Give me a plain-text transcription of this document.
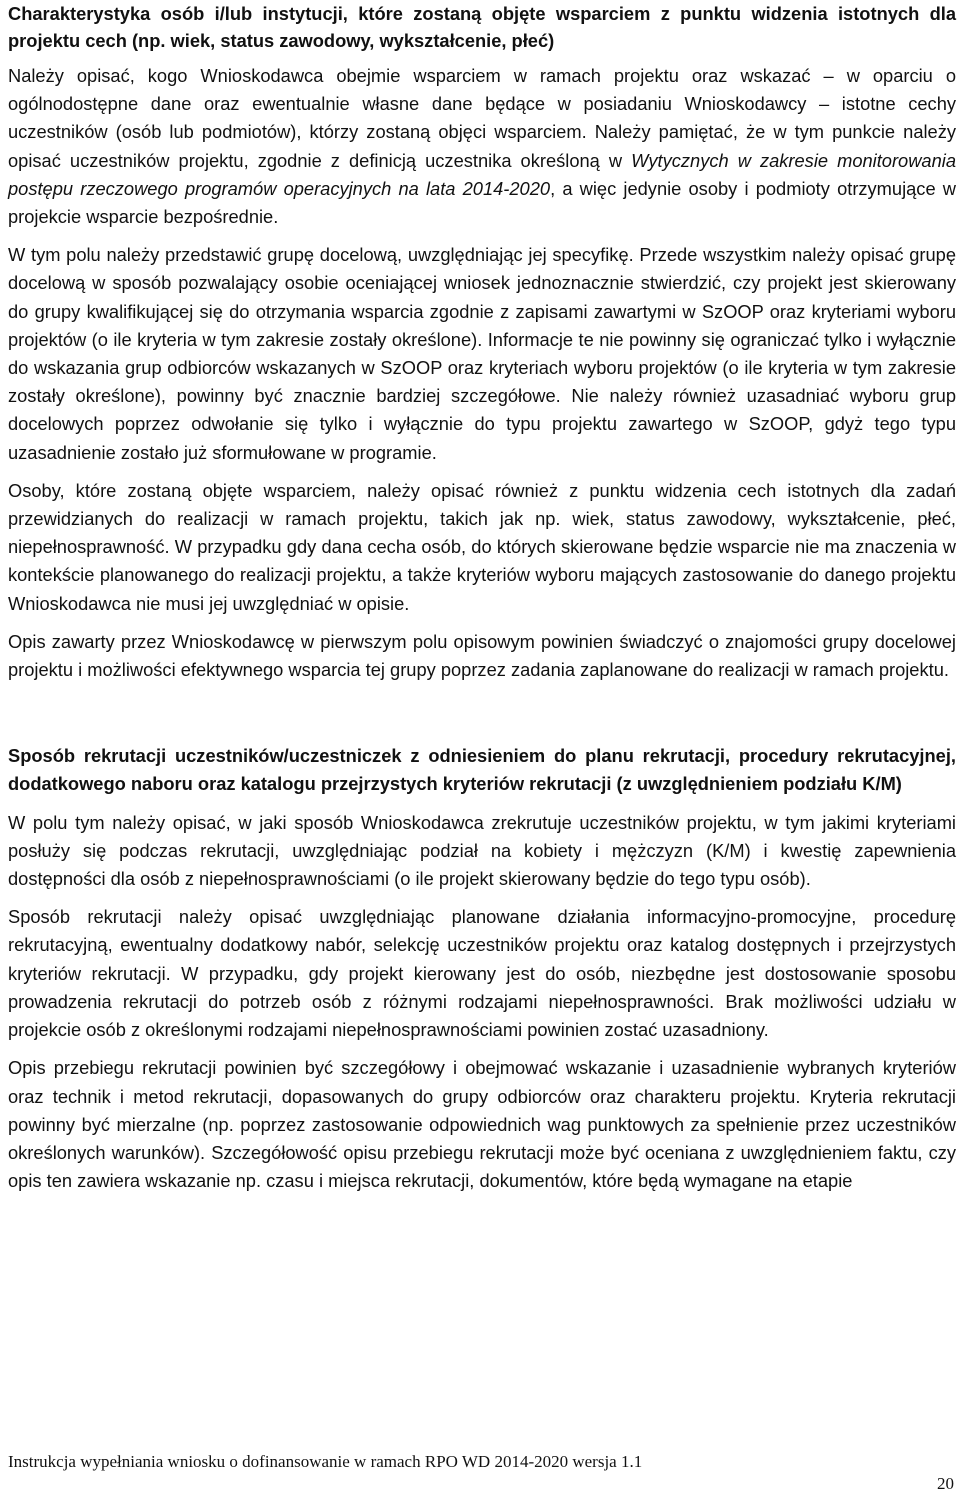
Charakterystyka osób i/lub instytucji, które zostaną objęte wsparciem z punktu widzenia istotnych dla projektu cech (np. wiek, status zawodowy, wykształcenie, płeć)

Należy opisać, kogo Wnioskodawca obejmie wsparciem w ramach projektu oraz wskazać – w oparciu o ogólnodostępne dane oraz ewentualnie własne dane będące w posiadaniu Wnioskodawcy – istotne cechy uczestników (osób lub podmiotów), którzy zostaną objęci wsparciem. Należy pamiętać, że w tym punkcie należy opisać uczestników projektu, zgodnie z definicją uczestnika określoną w Wytycznych w zakresie monitorowania postępu rzeczowego programów operacyjnych na lata 2014-2020, a więc jedynie osoby i podmioty otrzymujące w projekcie wsparcie bezpośrednie.

W tym polu należy przedstawić grupę docelową, uwzględniając jej specyfikę. Przede wszystkim należy opisać grupę docelową w sposób pozwalający osobie oceniającej wniosek jednoznacznie stwierdzić, czy projekt jest skierowany do grupy kwalifikującej się do otrzymania wsparcia zgodnie z zapisami zawartymi w SzOOP oraz kryteriami wyboru projektów (o ile kryteria w tym zakresie zostały określone). Informacje te nie powinny się ograniczać tylko i wyłącznie do wskazania grup odbiorców wskazanych w SzOOP oraz kryteriach wyboru projektów (o ile kryteria w tym zakresie zostały określone), powinny być znacznie bardziej szczegółowe. Nie należy również uzasadniać wyboru grup docelowych poprzez odwołanie się tylko i wyłącznie do typu projektu zawartego w SzOOP, gdyż tego typu uzasadnienie zostało już sformułowane w programie.

Osoby, które zostaną objęte wsparciem, należy opisać również z punktu widzenia cech istotnych dla zadań przewidzianych do realizacji w ramach projektu, takich jak np. wiek, status zawodowy, wykształcenie, płeć, niepełnosprawność. W przypadku gdy dana cecha osób, do których skierowane będzie wsparcie nie ma znaczenia w kontekście planowanego do realizacji projektu, a także kryteriów wyboru mających zastosowanie do danego projektu Wnioskodawca nie musi jej uwzględniać w opisie.

Opis zawarty przez Wnioskodawcę w pierwszym polu opisowym powinien świadczyć o znajomości grupy docelowej projektu i możliwości efektywnego wsparcia tej grupy poprzez zadania zaplanowane do realizacji w ramach projektu.

Sposób rekrutacji uczestników/uczestniczek z odniesieniem do planu rekrutacji, procedury rekrutacyjnej, dodatkowego naboru oraz katalogu przejrzystych kryteriów rekrutacji (z uwzględnieniem podziału K/M)

W polu tym należy opisać, w jaki sposób Wnioskodawca zrekrutuje uczestników projektu, w tym jakimi kryteriami posłuży się podczas rekrutacji, uwzględniając podział na kobiety i mężczyzn (K/M) i kwestię zapewnienia dostępności dla osób z niepełnosprawnościami (o ile projekt skierowany będzie do tego typu osób).

Sposób rekrutacji należy opisać uwzględniając planowane działania informacyjno-promocyjne, procedurę rekrutacyjną, ewentualny dodatkowy nabór, selekcję uczestników projektu oraz katalog dostępnych i przejrzystych kryteriów rekrutacji. W przypadku, gdy projekt kierowany jest do osób, niezbędne jest dostosowanie sposobu prowadzenia rekrutacji do potrzeb osób z różnymi rodzajami niepełnosprawności. Brak możliwości udziału w projekcie osób z określonymi rodzajami niepełnosprawnościami powinien zostać uzasadniony.

Opis przebiegu rekrutacji powinien być szczegółowy i obejmować wskazanie i uzasadnienie wybranych kryteriów oraz technik i metod rekrutacji, dopasowanych do grupy odbiorców oraz charakteru projektu. Kryteria rekrutacji powinny być mierzalne (np. poprzez zastosowanie odpowiednich wag punktowych za spełnienie przez uczestników określonych warunków). Szczegółowość opisu przebiegu rekrutacji może być oceniana z uwzględnieniem faktu, czy opis ten zawiera wskazanie np. czasu i miejsca rekrutacji, dokumentów, które będą wymagane na etapie

Instrukcja wypełniania wniosku o dofinansowanie w ramach RPO WD 2014-2020 wersja 1.1
20
